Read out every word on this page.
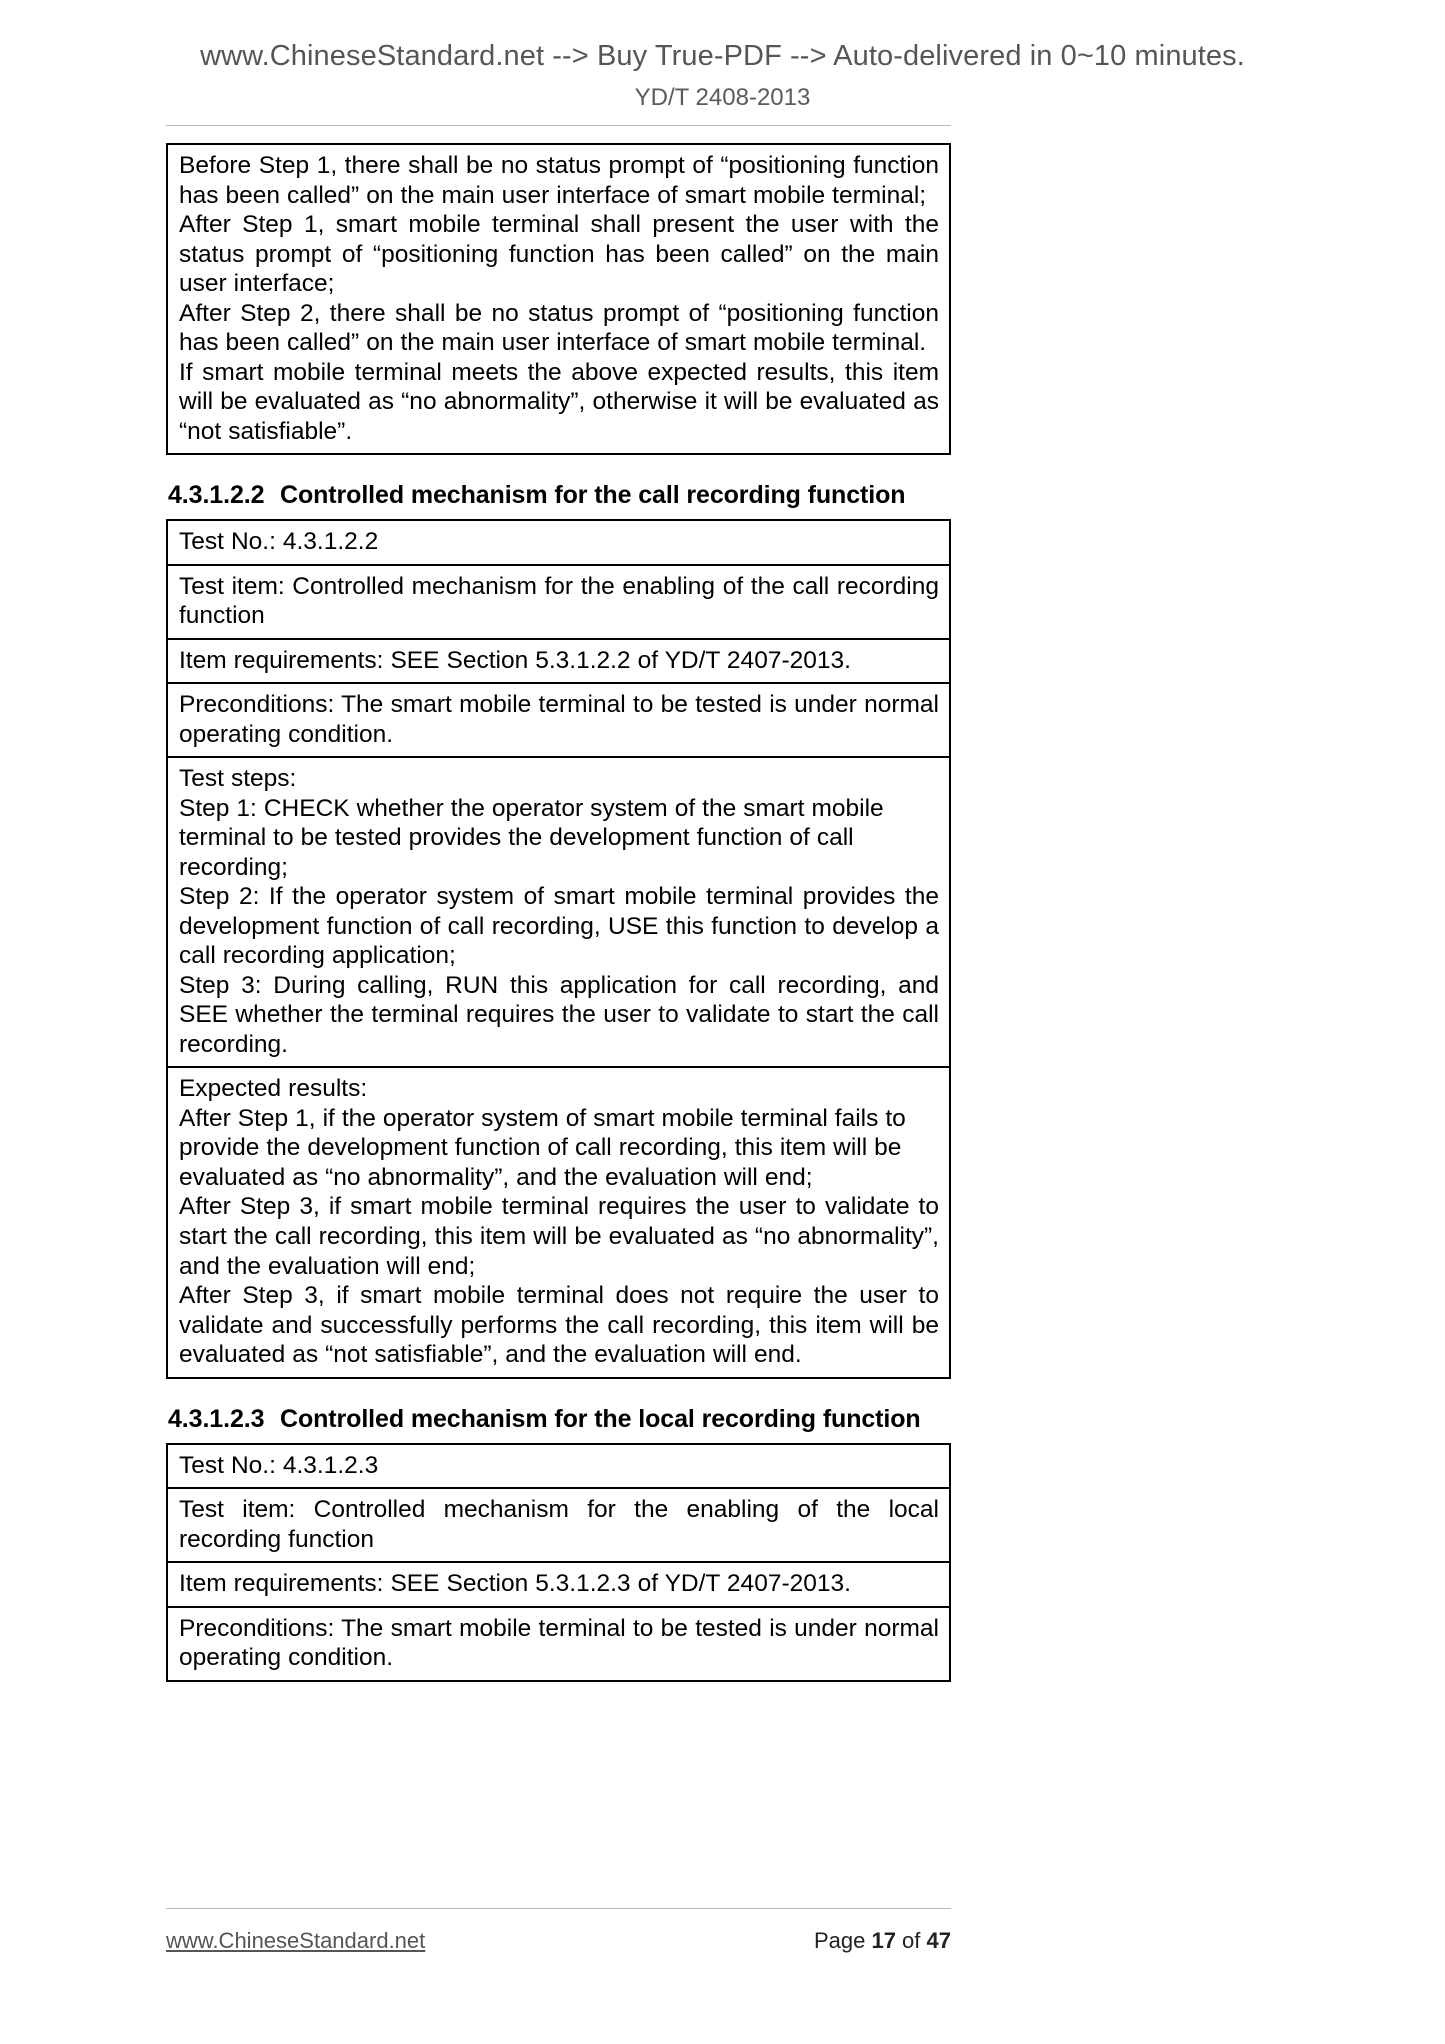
www.ChineseStandard.net --> Buy True-PDF --> Auto-delivered in 0~10 minutes.
YD/T 2408-2013

Before Step 1, there shall be no status prompt of “positioning function has been called” on the main user interface of smart mobile terminal;

After Step 1, smart mobile terminal shall present the user with the status prompt of “positioning function has been called” on the main user interface;

After Step 2, there shall be no status prompt of “positioning function has been called” on the main user interface of smart mobile terminal.

If smart mobile terminal meets the above expected results, this item will be evaluated as “no abnormality”, otherwise it will be evaluated as “not satisfiable”.

4.3.1.2.2 Controlled mechanism for the call recording function

Test No.: 4.3.1.2.2

Test item: Controlled mechanism for the enabling of the call recording function

Item requirements: SEE Section 5.3.1.2.2 of YD/T 2407-2013.

Preconditions: The smart mobile terminal to be tested is under normal operating condition.

Test steps:

Step 1: CHECK whether the operator system of the smart mobile terminal to be tested provides the development function of call recording;

Step 2: If the operator system of smart mobile terminal provides the development function of call recording, USE this function to develop a call recording application;

Step 3: During calling, RUN this application for call recording, and SEE whether the terminal requires the user to validate to start the call recording.

Expected results:

After Step 1, if the operator system of smart mobile terminal fails to provide the development function of call recording, this item will be evaluated as “no abnormality”, and the evaluation will end;

After Step 3, if smart mobile terminal requires the user to validate to start the call recording, this item will be evaluated as “no abnormality”, and the evaluation will end;

After Step 3, if smart mobile terminal does not require the user to validate and successfully performs the call recording, this item will be evaluated as “not satisfiable”, and the evaluation will end.

4.3.1.2.3 Controlled mechanism for the local recording function

Test No.: 4.3.1.2.3

Test item: Controlled mechanism for the enabling of the local recording function

Item requirements: SEE Section 5.3.1.2.3 of YD/T 2407-2013.

Preconditions: The smart mobile terminal to be tested is under normal operating condition.

www.ChineseStandard.net	Page 17 of 47
